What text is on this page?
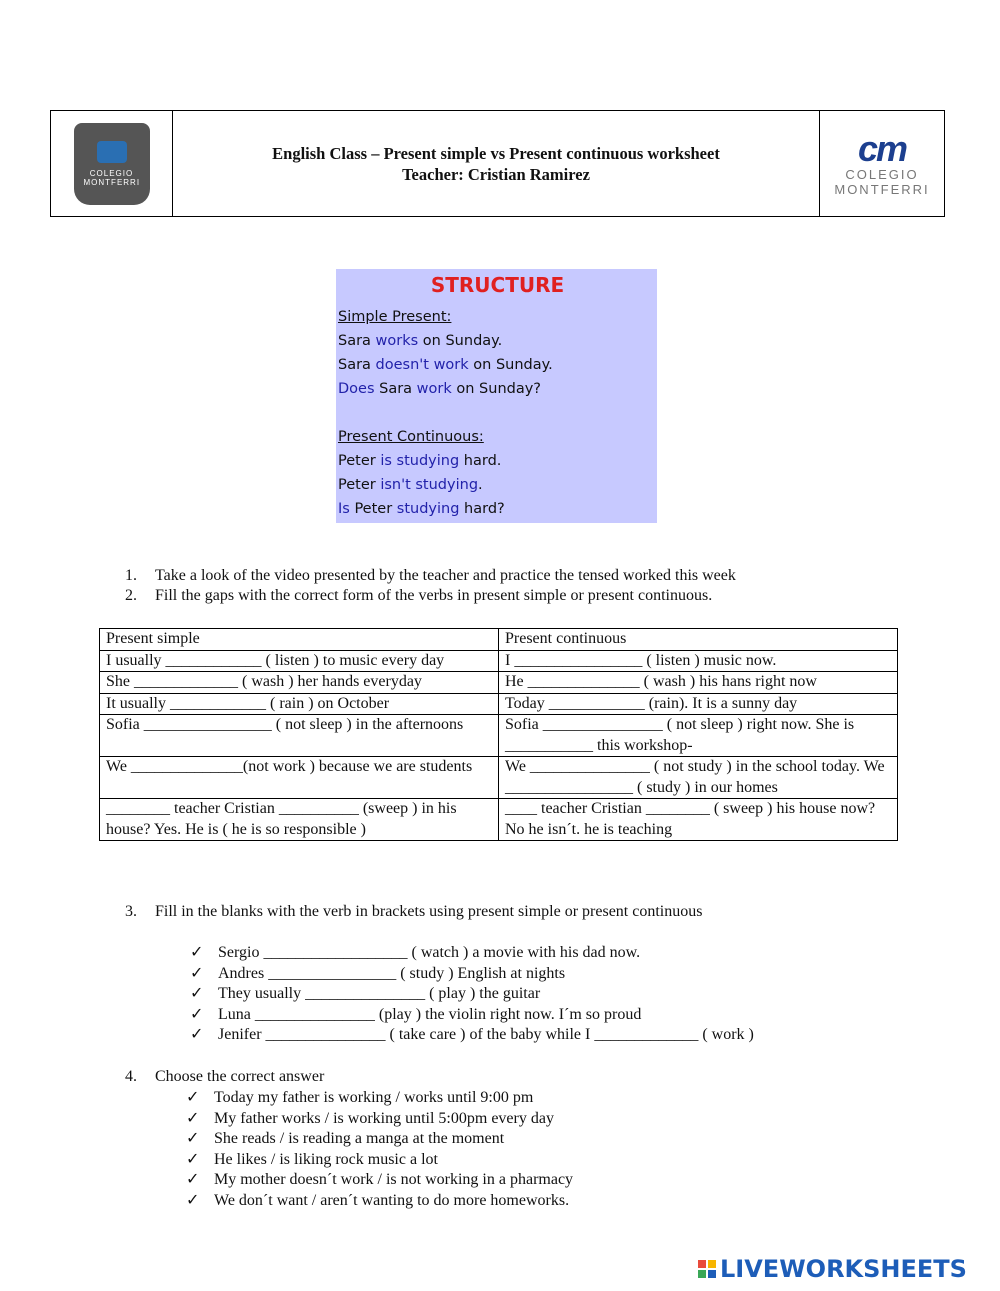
COLEGIO MONTFERRI
English Class – Present simple vs Present continuous worksheet
Teacher: Cristian Ramirez
cm
COLEGIO
MONTFERRI
STRUCTURE

Simple Present:

Sara works on Sunday.

Sara doesn't work on Sunday.

Does Sara work on Sunday?

Present Continuous:

Peter is studying hard.

Peter isn't studying.

Is Peter studying hard?

1. Take a look of the video presented by the teacher and practice the tensed worked this week
2. Fill the gaps with the correct form of the verbs in present simple or present continuous.
Present simple	Present continuous
I usually ____________ ( listen ) to music every day	I ________________ ( listen ) music now.
She _____________ ( wash ) her hands everyday	He ______________ ( wash ) his hans right now
It usually ____________ ( rain ) on October	Today ____________ (rain). It is a sunny day
Sofia ________________ ( not sleep ) in the afternoons	Sofia _______________ ( not sleep ) right now. She is ___________ this workshop-
We ______________(not work ) because we are students	We _______________ ( not study ) in the school today. We ________________ ( study ) in our homes
________ teacher Cristian __________ (sweep ) in his house? Yes. He is ( he is so responsible )	____ teacher Cristian ________ ( sweep ) his house now? No he isn´t. he is teaching
3. Fill in the blanks with the verb in brackets using present simple or present continuous
✓ Sergio __________________ ( watch ) a movie with his dad now.
✓ Andres ________________ ( study ) English at nights
✓ They usually _______________ ( play ) the guitar
✓ Luna _______________ (play ) the violin right now. I´m so proud
✓ Jenifer _______________ ( take care ) of the baby while I _____________ ( work )
4. Choose the correct answer
✓ Today my father is working / works until 9:00 pm
✓ My father works / is working until 5:00pm every day
✓ She reads / is reading a manga at the moment
✓ He likes / is liking rock music a lot
✓ My mother doesn´t work / is not working in a pharmacy
✓ We don´t want / aren´t wanting to do more homeworks.
LIVEWORKSHEETS
